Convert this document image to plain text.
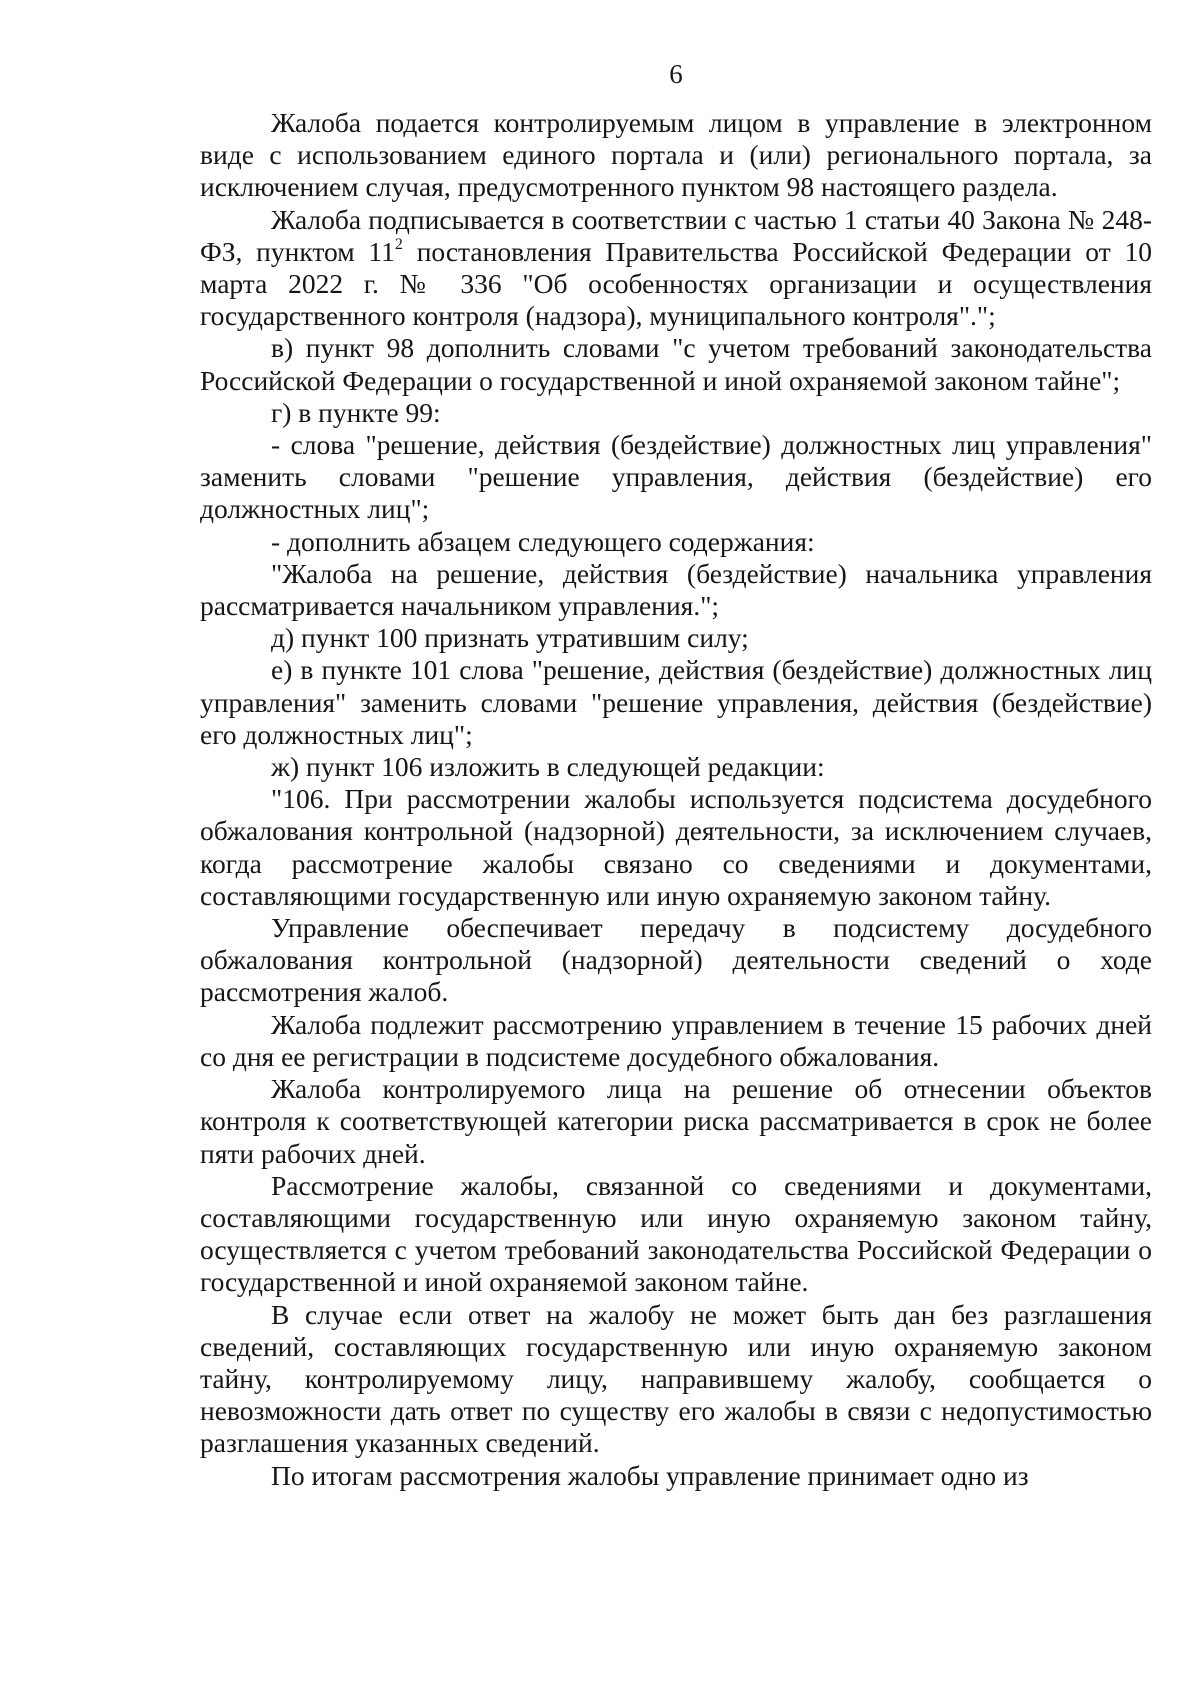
6

Жалоба подается контролируемым лицом в управление в электронном виде с использованием единого портала и (или) регионального портала, за исключением случая, предусмотренного пунктом 98 настоящего раздела.

Жалоба подписывается в соответствии с частью 1 статьи 40 Закона № 248-ФЗ, пунктом $11^2$ постановления Правительства Российской Федерации от 10 марта 2022 г. № 336 "Об особенностях организации и осуществления государственного контроля (надзора), муниципального контроля".";

в) пункт 98 дополнить словами "с учетом требований законодательства Российской Федерации о государственной и иной охраняемой законом тайне";

г) в пункте 99:

- слова "решение, действия (бездействие) должностных лиц управления" заменить словами "решение управления, действия (бездействие) его должностных лиц";

- дополнить абзацем следующего содержания:

"Жалоба на решение, действия (бездействие) начальника управления рассматривается начальником управления.";

д) пункт 100 признать утратившим силу;

е) в пункте 101 слова "решение, действия (бездействие) должностных лиц управления" заменить словами "решение управления, действия (бездействие) его должностных лиц";

ж) пункт 106 изложить в следующей редакции:

"106. При рассмотрении жалобы используется подсистема досудебного обжалования контрольной (надзорной) деятельности, за исключением случаев, когда рассмотрение жалобы связано со сведениями и документами, составляющими государственную или иную охраняемую законом тайну.

Управление обеспечивает передачу в подсистему досудебного обжалования контрольной (надзорной) деятельности сведений о ходе рассмотрения жалоб.

Жалоба подлежит рассмотрению управлением в течение 15 рабочих дней со дня ее регистрации в подсистеме досудебного обжалования.

Жалоба контролируемого лица на решение об отнесении объектов контроля к соответствующей категории риска рассматривается в срок не более пяти рабочих дней.

Рассмотрение жалобы, связанной со сведениями и документами, составляющими государственную или иную охраняемую законом тайну, осуществляется с учетом требований законодательства Российской Федерации о государственной и иной охраняемой законом тайне.

В случае если ответ на жалобу не может быть дан без разглашения сведений, составляющих государственную или иную охраняемую законом тайну, контролируемому лицу, направившему жалобу, сообщается о невозможности дать ответ по существу его жалобы в связи с недопустимостью разглашения указанных сведений.

По итогам рассмотрения жалобы управление принимает одно из
